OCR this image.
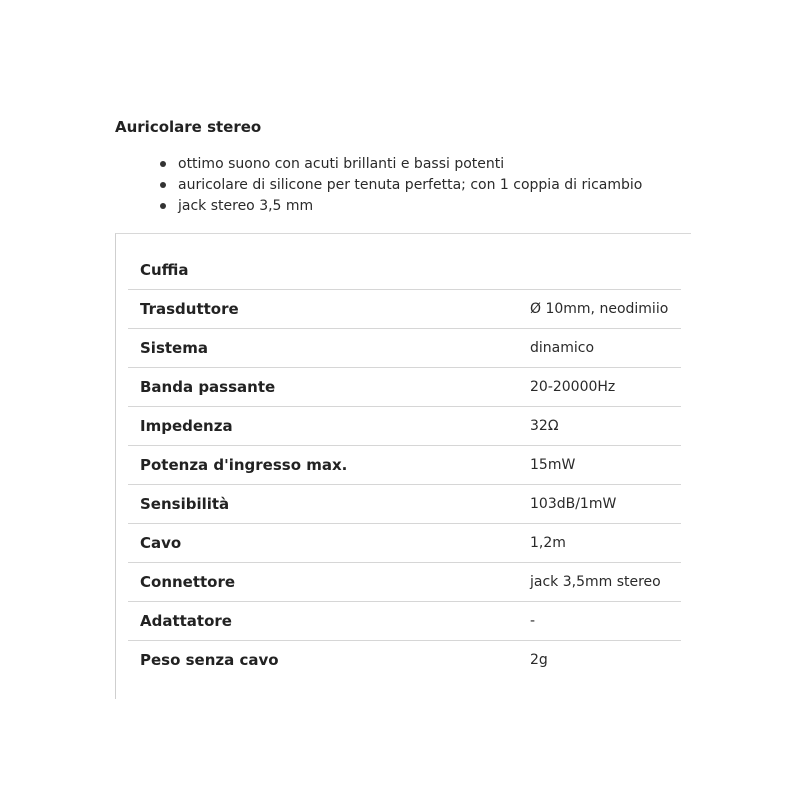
Auricolare stereo
ottimo suono con acuti brillanti e bassi potenti
auricolare di silicone per tenuta perfetta; con 1 coppia di ricambio
jack stereo 3,5 mm
Cuffia	
Trasduttore	Ø 10mm, neodimiio
Sistema	dinamico
Banda passante	20-20000Hz
Impedenza	32Ω
Potenza d'ingresso max.	15mW
Sensibilità	103dB/1mW
Cavo	1,2m
Connettore	jack 3,5mm stereo
Adattatore	-
Peso senza cavo	2g
